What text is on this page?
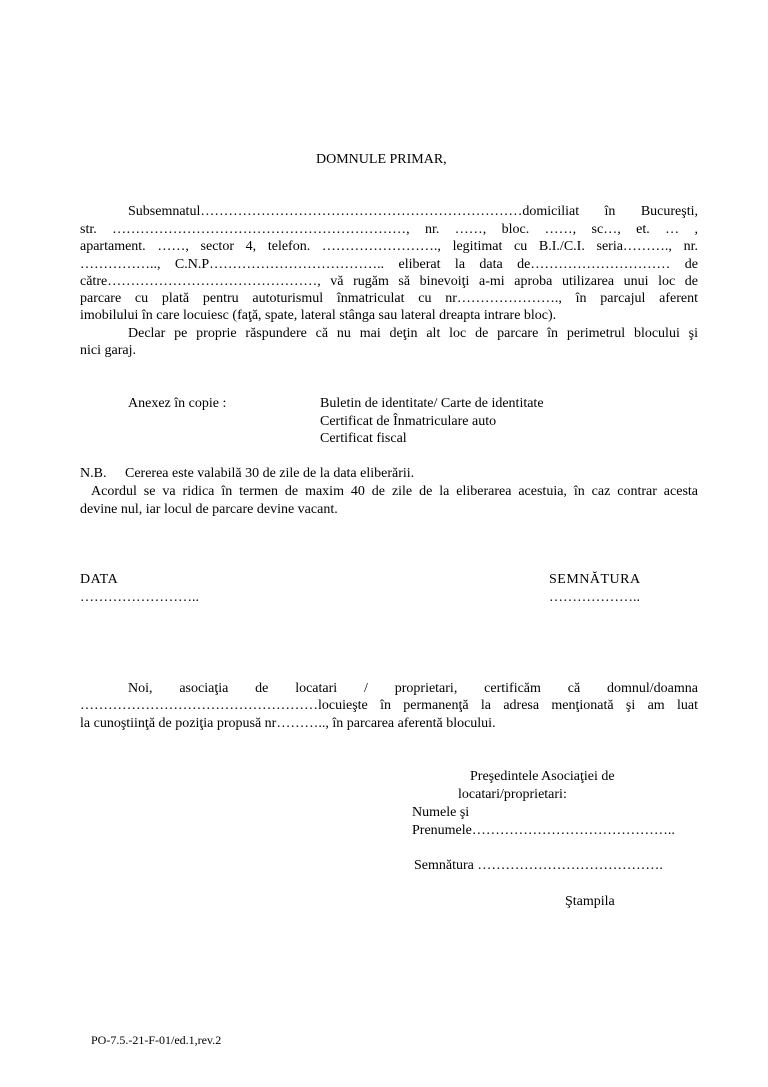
DOMNULE PRIMAR,
Subsemnatul……………………………………………………………domiciliat în Bucureşti,
str. ………………………………………………………, nr. ……, bloc. ……, sc…, et. … ,
apartament. ……, sector 4, telefon. ……………………., legitimat cu B.I./C.I. seria………., nr.
…………….., C.N.P……………………………….. eliberat la data de………………………… de
către………………………………………, vă rugăm să binevoiţi a-mi aproba utilizarea unui loc de
parcare cu plată pentru autoturismul înmatriculat cu nr…………………., în parcajul aferent
imobilului în care locuiesc (faţă, spate, lateral stânga sau lateral dreapta intrare bloc).
Declar pe proprie răspundere că nu mai deţin alt loc de parcare în perimetrul blocului şi
nici garaj.
Anexez în copie :	Buletin de identitate/ Carte de identitate
Certificat de Înmatriculare auto
Certificat fiscal
N.B. Cererea este valabilă 30 de zile de la data eliberării.
Acordul se va ridica în termen de maxim 40 de zile de la eliberarea acestuia, în caz contrar acesta
devine nul, iar locul de parcare devine vacant.
DATA
……………………..
SEMNĂTURA
………………..
Noi, asociaţia de locatari / proprietari, certificăm că domnul/doamna
……………………………………………locuieşte în permanenţă la adresa menţionată şi am luat
la cunoştiinţă de poziţia propusă nr……….., în parcarea aferentă blocului.
Preşedintele Asociaţiei de
locatari/proprietari:
Numele şi
Prenumele……………………………………..
Semnătura ………………………………….
Ştampila
PO-7.5.-21-F-01/ed.1,rev.2
